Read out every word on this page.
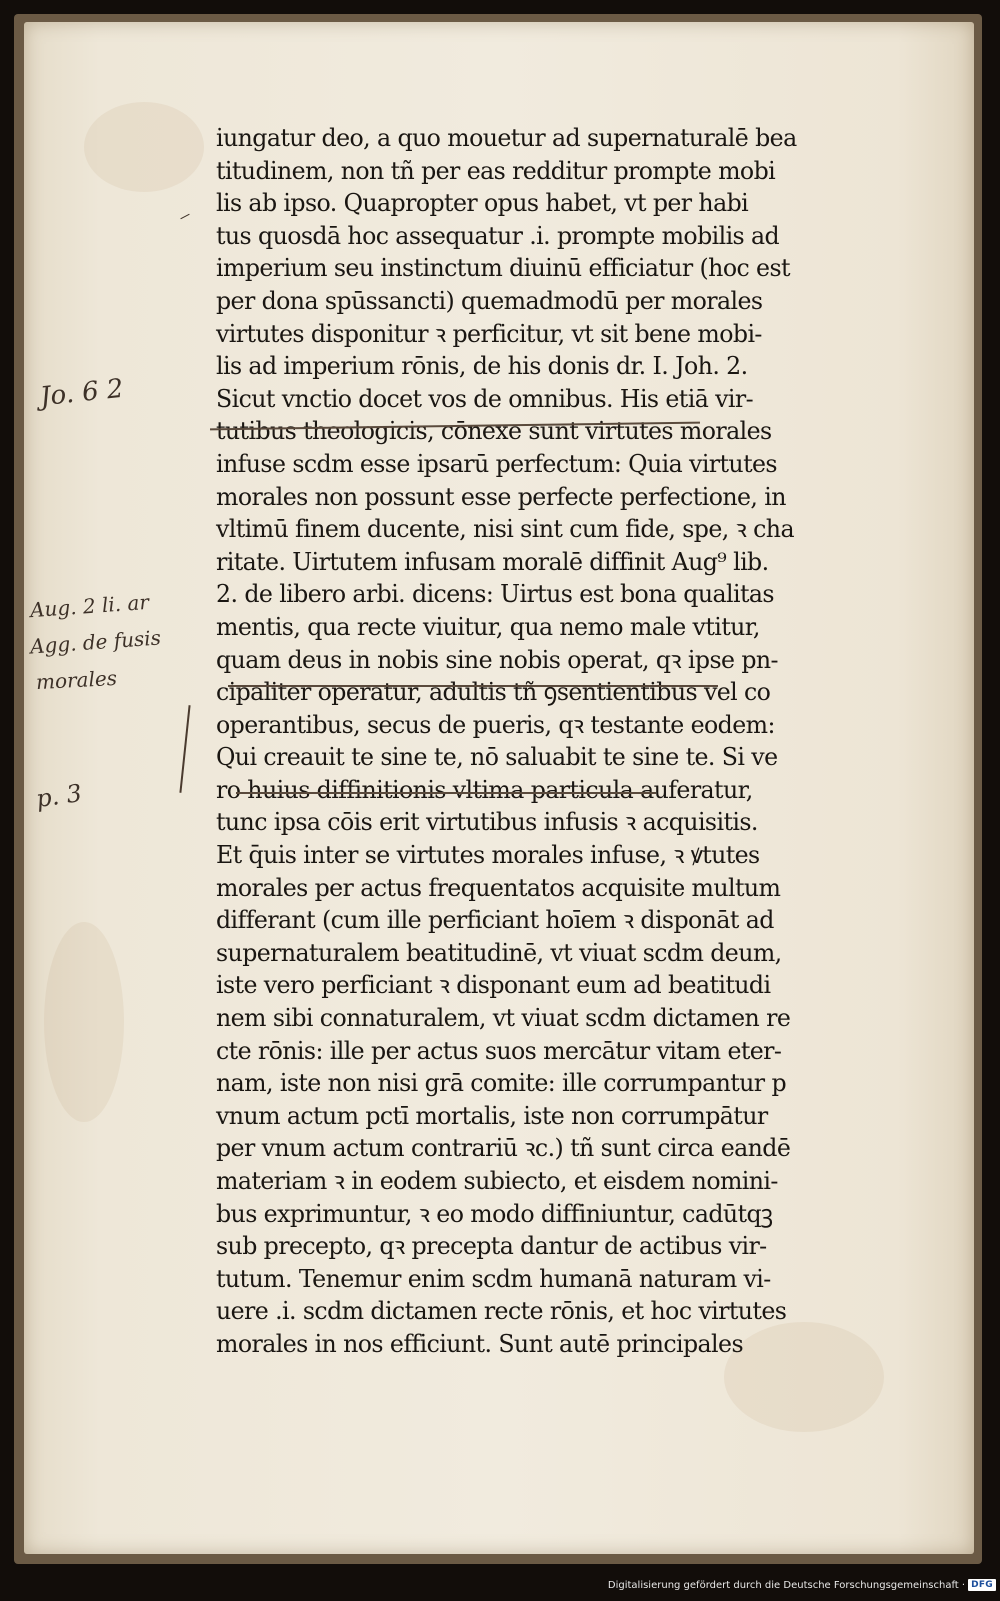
iungatur deo, a quo mouetur ad supernaturalē bea
titudinem, non tñ per eas redditur prompte mobi
lis ab ipso. Quapropter opus habet, vt per habi
tus quosdā hoc assequatur .i. prompte mobilis ad
imperium seu instinctum diuinū efficiatur (hoc est
per dona spūssancti) quemadmodū per morales
virtutes disponitur ꝛ perficitur, vt sit bene mobi-
lis ad imperium rōnis, de his donis dr. I. Joh. 2.
Sicut vnctio docet vos de omnibus. His etiā vir-
tutibus theologicis, cōnexe sunt virtutes morales
infuse scdm esse ipsarū perfectum: Quia virtutes
morales non possunt esse perfecte perfectione, in
vltimū finem ducente, nisi sint cum fide, spe, ꝛ cha
ritate. Uirtutem infusam moralē diffinit Aug⁹ lib.
2. de libero arbi. dicens: Uirtus est bona qualitas
mentis, qua recte viuitur, qua nemo male vtitur,
quam deus in nobis sine nobis operat, qꝛ ipse pn-
cipaliter operatur, adultis tñ ꝯsentientibus vel co
operantibus, secus de pueris, qꝛ testante eodem:
Qui creauit te sine te, nō saluabit te sine te. Si ve
ro huius diffinitionis vltima particula auferatur,
tunc ipsa cōis erit virtutibus infusis ꝛ acquisitis.
Et q̄uis inter se virtutes morales infuse, ꝛ ꝟtutes
morales per actus frequentatos acquisite multum
differant (cum ille perficiant hoīem ꝛ disponāt ad
supernaturalem beatitudinē, vt viuat scdm deum,
iste vero perficiant ꝛ disponant eum ad beatitudi
nem sibi connaturalem, vt viuat scdm dictamen re
cte rōnis: ille per actus suos mercātur vitam eter-
nam, iste non nisi grā comite: ille corrumpantur p
vnum actum pctī mortalis, iste non corrumpātur
per vnum actum contrariū ꝛc.) tñ sunt circa eandē
materiam ꝛ in eodem subiecto, et eisdem nomini-
bus exprimuntur, ꝛ eo modo diffiniuntur, cadūtqꝫ
sub precepto, qꝛ precepta dantur de actibus vir-
tutum. Tenemur enim scdm humanā naturam vi-
uere .i. scdm dictamen recte rōnis, et hoc virtutes
morales in nos efficiunt. Sunt autē principales
Jo. 6 2
Aug. 2 li. ar
Agg. de fusis
morales
p. 3
Digitalisierung gefördert durch die Deutsche Forschungsgemeinschaft · DFG
